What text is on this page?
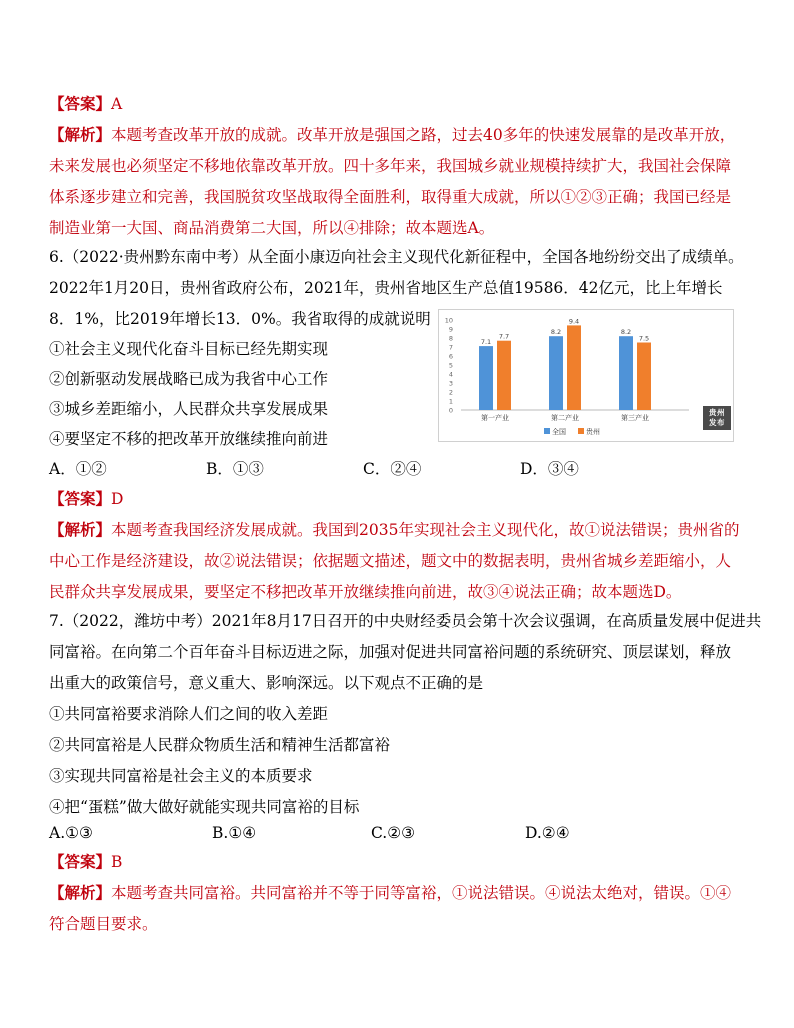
【答案】A

【解析】本题考查改革开放的成就。改革开放是强国之路，过去40多年的快速发展靠的是改革开放，

未来发展也必须坚定不移地依靠改革开放。四十多年来，我国城乡就业规模持续扩大，我国社会保障

体系逐步建立和完善，我国脱贫攻坚战取得全面胜利，取得重大成就，所以①②③正确；我国已经是

制造业第一大国、商品消费第二大国，所以④排除；故本题选A。

6.（2022·贵州黔东南中考）从全面小康迈向社会主义现代化新征程中，全国各地纷纷交出了成绩单。

2022年1月20日，贵州省政府公布，2021年，贵州省地区生产总值19586．42亿元，比上年增长

8．1%，比2019年增长13．0%。我省取得的成就说明

①社会主义现代化奋斗目标已经先期实现

②创新驱动发展战略已成为我省中心工作

③城乡差距缩小，人民群众共享发展成果

④要坚定不移的把改革开放继续推向前进

A．①②	B．①③	C．②④	D．③④
0
1
2
3
4
5
6
7
8
9
10
7.1
7.7
第一产业
8.2
9.4
第二产业
8.2
7.5
第三产业
全国	贵州
贵州
发布

【答案】D

【解析】本题考查我国经济发展成就。我国到2035年实现社会主义现代化，故①说法错误；贵州省的

中心工作是经济建设，故②说法错误；依据题文描述，题文中的数据表明，贵州省城乡差距缩小，人

民群众共享发展成果，要坚定不移把改革开放继续推向前进，故③④说法正确；故本题选D。

7.（2022，潍坊中考）2021年8月17日召开的中央财经委员会第十次会议强调，在高质量发展中促进共

同富裕。在向第二个百年奋斗目标迈进之际，加强对促进共同富裕问题的系统研究、顶层谋划，释放

出重大的政策信号，意义重大、影响深远。以下观点不正确的是

①共同富裕要求消除人们之间的收入差距

②共同富裕是人民群众物质生活和精神生活都富裕

③实现共同富裕是社会主义的本质要求

④把“蛋糕”做大做好就能实现共同富裕的目标

A.①③	B.①④	C.②③	D.②④

【答案】B

【解析】本题考查共同富裕。共同富裕并不等于同等富裕，①说法错误。④说法太绝对，错误。①④

符合题目要求。
